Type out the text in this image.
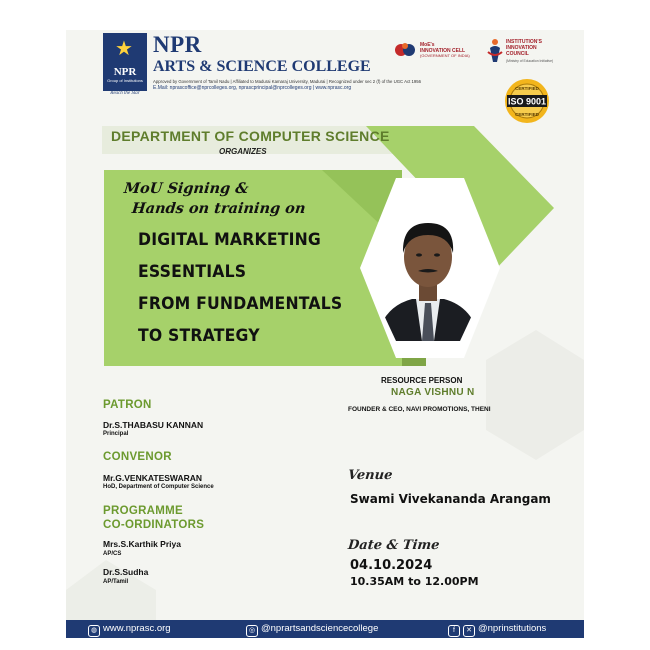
★
NPR
Group of Institutions
Reach the Star
NPR
ARTS & SCIENCE COLLEGE
Approved by Government of Tamil Nadu | Affiliated to Madurai Kamaraj University, Madurai | Recognized under sec 2 (f) of the UGC Act 1956
E.Mail: nprascoffice@nprcolleges.org, nprascprincipal@nprcolleges.org | www.nprasc.org
MoE's
INNOVATION CELL
(GOVERNMENT OF INDIA)
INSTITUTION'S
INNOVATION
COUNCIL
(Ministry of Education Initiative)
ISO 9001
CERTIFIED
CERTIFIED
DEPARTMENT OF COMPUTER SCIENCE
ORGANIZES
MoU Signing &
Hands on training on
DIGITAL MARKETING
ESSENTIALS
FROM FUNDAMENTALS
TO STRATEGY
RESOURCE PERSON
NAGA VISHNU N
FOUNDER & CEO, NAVI PROMOTIONS, THENI
PATRON
Dr.S.THABASU KANNAN
Principal
CONVENOR
Mr.G.VENKATESWARAN
HoD, Department of Computer Science
PROGRAMME
CO-ORDINATORS
Mrs.S.Karthik Priya
AP/CS
Dr.S.Sudha
AP/Tamil
Venue
Swami Vivekananda Arangam
Date & Time
04.10.2024
10.35AM to 12.00PM
◍ www.nprasc.org	◎ @nprartsandsciencecollege	f ✕ @nprinstitutions
